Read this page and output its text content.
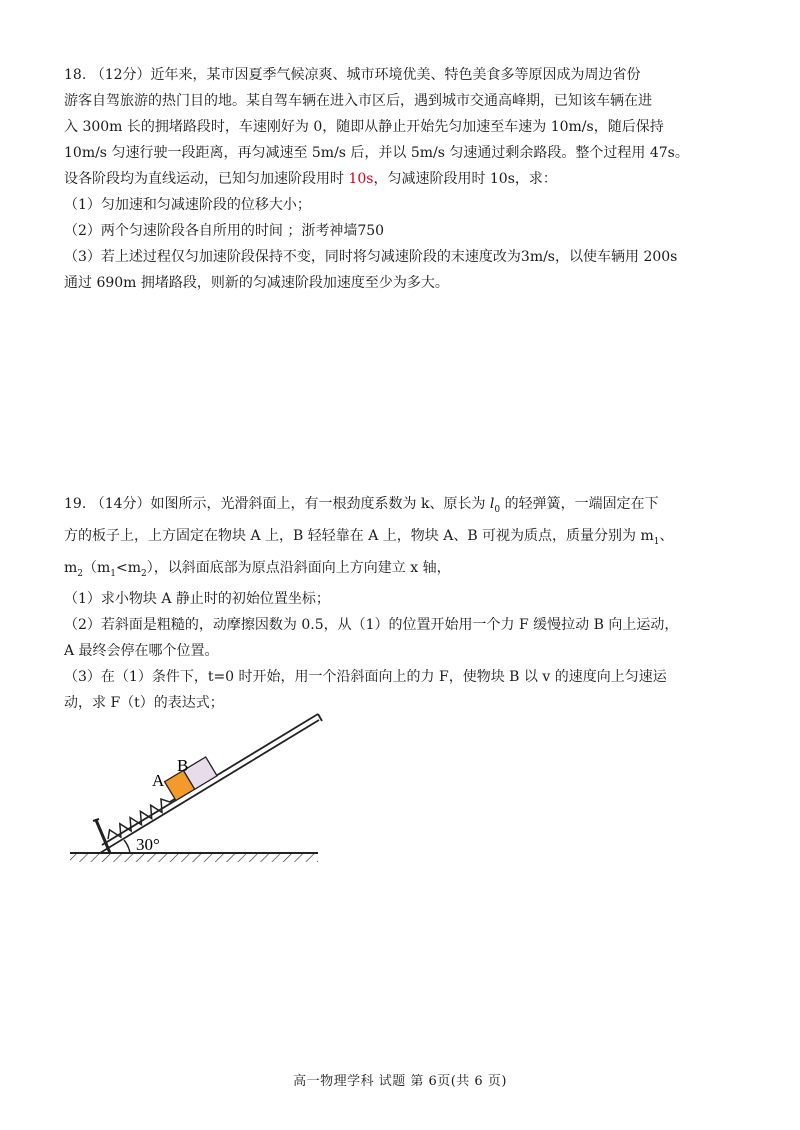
18. （12分）近年来，某市因夏季气候凉爽、城市环境优美、特色美食多等原因成为周边省份

游客自驾旅游的热门目的地。某自驾车辆在进入市区后，遇到城市交通高峰期，已知该车辆在进

入 300m 长的拥堵路段时，车速刚好为 0，随即从静止开始先匀加速至车速为 10m/s，随后保持

10m/s 匀速行驶一段距离，再匀减速至 5m/s 后，并以 5m/s 匀速通过剩余路段。整个过程用 47s。

设各阶段均为直线运动，已知匀加速阶段用时 10s，匀减速阶段用时 10s，求：

（1）匀加速和匀减速阶段的位移大小；

（2）两个匀速阶段各自所用的时间 ；浙考神墙750

（3）若上述过程仅匀加速阶段保持不变，同时将匀减速阶段的末速度改为3m/s，以使车辆用 200s

通过 690m 拥堵路段，则新的匀减速阶段加速度至少为多大。

19. （14分）如图所示，光滑斜面上，有一根劲度系数为 k、原长为 $l_0$ 的轻弹簧，一端固定在下

方的板子上，上方固定在物块 A 上，B 轻轻靠在 A 上，物块 A、B 可视为质点，质量分别为 $m_1$、

$m_2(m_1<m_2)$，以斜面底部为原点沿斜面向上方向建立 x 轴，

（1）求小物块 A 静止时的初始位置坐标；

（2）若斜面是粗糙的，动摩擦因数为 0.5，从（1）的位置开始用一个力 F 缓慢拉动 B 向上运动，

A 最终会停在哪个位置。

（3）在（1）条件下，t=0 时开始，用一个沿斜面向上的力 F，使物块 B 以 v 的速度向上匀速运

动，求 F（t）的表达式；

30°
A
B
高一物理学科 试题 第 6页(共 6 页)
